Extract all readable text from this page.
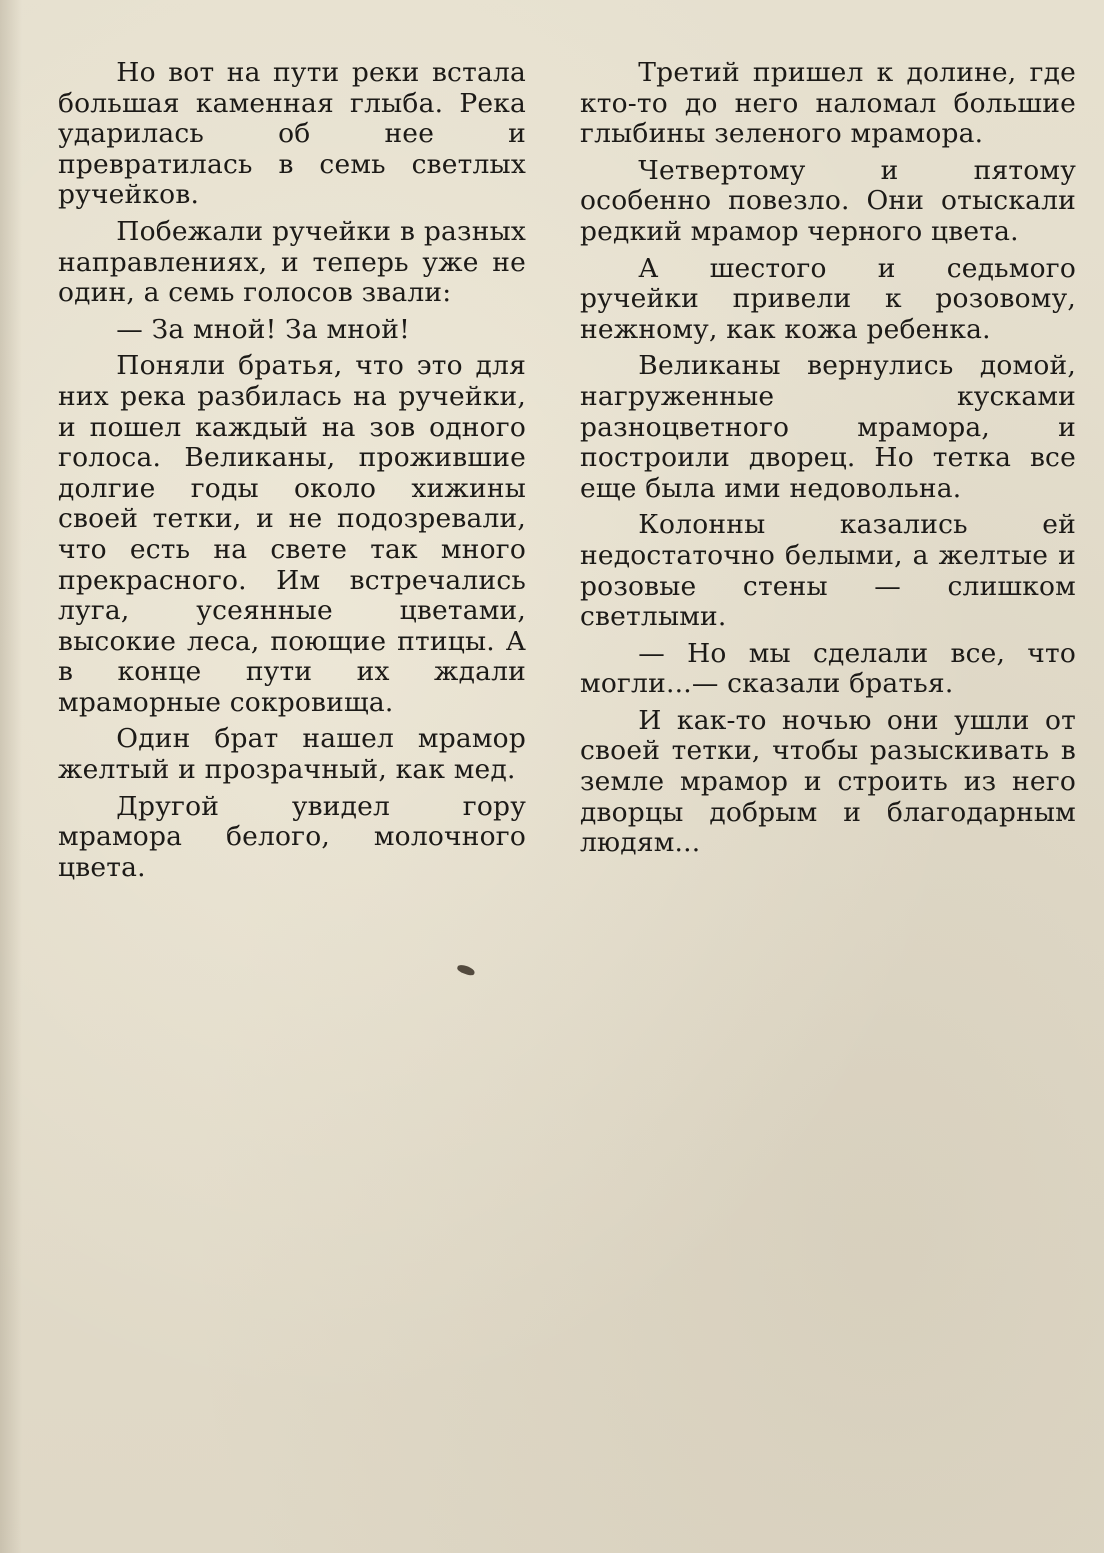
Но вот на пути реки встала большая каменная глыба. Река ударилась об нее и превратилась в семь светлых ручейков.

Побежали ручейки в разных направлениях, и теперь уже не один, а семь голосов звали:

— За мной! За мной!

Поняли братья, что это для них река разбилась на ручейки, и пошел каждый на зов одного голоса. Великаны, прожившие долгие годы около хижины своей тетки, и не подозревали, что есть на свете так много прекрасного. Им встречались луга, усеянные цветами, высокие леса, поющие птицы. А в конце пути их ждали мраморные сокровища.

Один брат нашел мрамор желтый и прозрачный, как мед.

Другой увидел гору мрамора белого, молочного цвета.

Третий пришел к долине, где кто-то до него наломал большие глыбины зеленого мрамора.

Четвертому и пятому особенно повезло. Они отыскали редкий мрамор черного цвета.

А шестого и седьмого ручейки привели к розовому, нежному, как кожа ребенка.

Великаны вернулись домой, нагруженные кусками разноцветного мрамора, и построили дворец. Но тетка все еще была ими недовольна.

Колонны казались ей недостаточно белыми, а желтые и розовые стены — слишком светлыми.

— Но мы сделали все, что могли...— сказали братья.

И как-то ночью они ушли от своей тетки, чтобы разыскивать в земле мрамор и строить из него дворцы добрым и благодарным людям...
